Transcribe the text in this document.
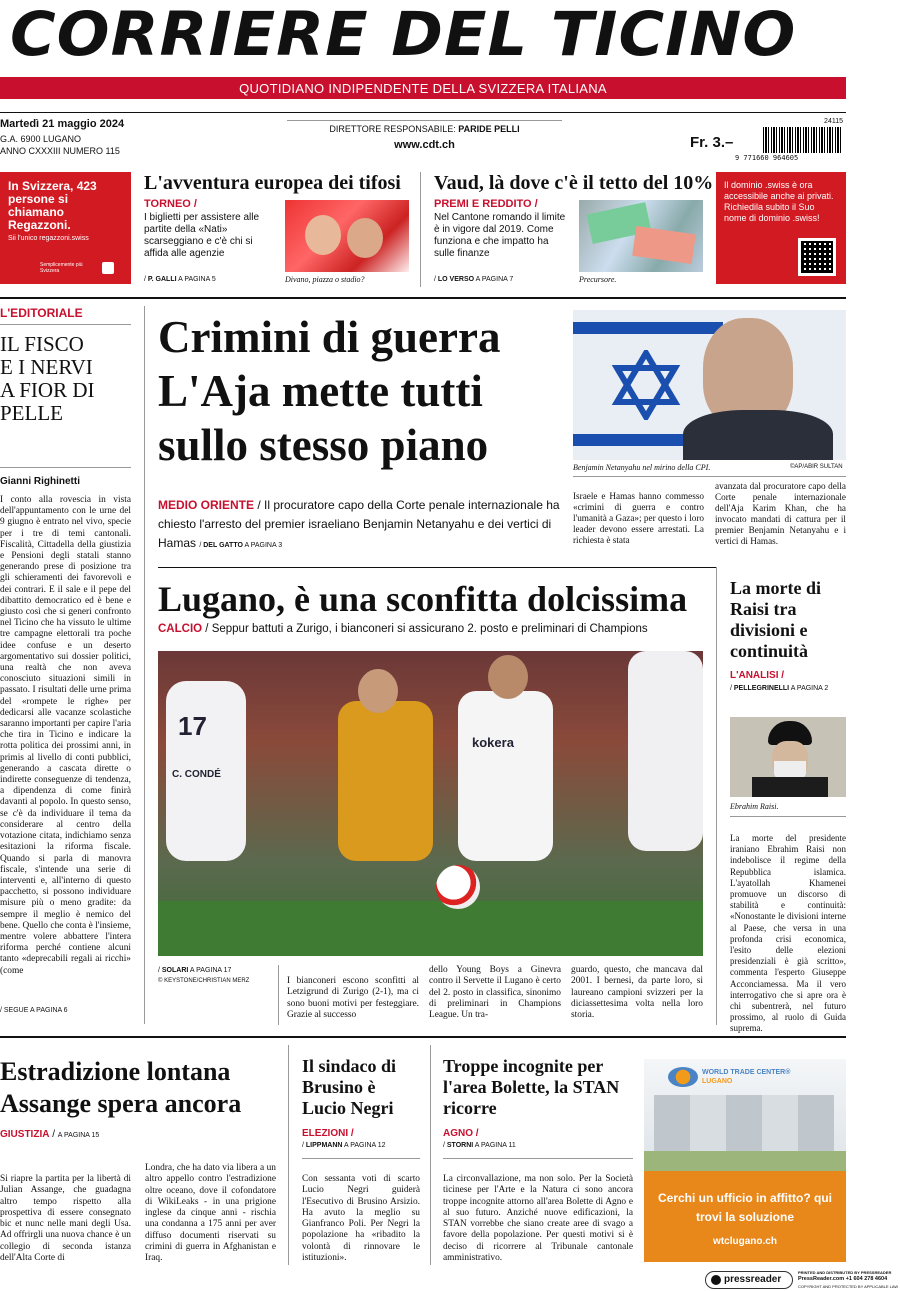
CORRIERE DEL TICINO
QUOTIDIANO INDIPENDENTE DELLA SVIZZERA ITALIANA
Martedì 21 maggio 2024
G.A. 6900 LUGANO
ANNO CXXXIII NUMERO 115
DIRETTORE RESPONSABILE: PARIDE PELLI
www.cdt.ch	Fr. 3.–
24115
9 771660 964605
In Svizzera, 423 persone si chiamano Regazzoni.
Sii l'unico regazzoni.swiss
Semplicemente più Svizzera
L'avventura europea dei tifosi
TORNEO /
I biglietti per assistere alle partite della «Nati» scarseggiano e c'è chi si affida alle agenzie
/ P. GALLI A PAGINA 5	Divano, piazza o stadio?
Vaud, là dove c'è il tetto del 10%
PREMI E REDDITO /
Nel Cantone romando il limite è in vigore dal 2019. Come funziona e che impatto ha sulle finanze
/ LO VERSO A PAGINA 7	Precursore.
Il dominio .swiss è ora accessibile anche ai privati. Richiedila subito il Suo nome di dominio .swiss!
L'EDITORIALE
IL FISCO E I NERVI A FIOR DI PELLE
Gianni Righinetti
I conto alla rovescia in vista dell'appuntamento con le urne del 9 giugno è entrato nel vivo, specie per i tre di temi cantonali. Fiscalità, Cittadella della giustizia e Pensioni degli statali stanno generando prese di posizione tra gli schieramenti dei favorevoli e dei contrari. E il sale e il pepe del dibattito democratico ed è bene e giusto così che si generi confronto nel Ticino che ha vissuto le ultime tre campagne elettorali tra poche idee confuse e un deserto argomentativo sui dossier politici, una realtà che non aveva conosciuto situazioni simili in passato. I risultati delle urne prima del «rompete le righe» per dedicarsi alle vacanze scolastiche saranno importanti per capire l'aria che tira in Ticino e indicare la rotta politica dei prossimi anni, in primis al livello di conti pubblici, generando a cascata dirette o indirette conseguenze di tendenza, a dipendenza di come finirà davanti al popolo. In questo senso, se c'è da individuare il tema da considerare al centro della votazione citata, indichiamo senza esitazioni la riforma fiscale. Quando si parla di manovra fiscale, s'intende una serie di interventi e, all'interno di questo pacchetto, si possono individuare misure più o meno gradite: da sempre il meglio è nemico del bene. Quello che conta è l'insieme, mentre volere abbattere l'intera riforma perché contiene alcuni tanto «deprecabili regali ai ricchi» (come
/ SEGUE A PAGINA 6
Crimini di guerra L'Aja mette tutti sullo stesso piano
MEDIO ORIENTE / Il procuratore capo della Corte penale internazionale ha chiesto l'arresto del premier israeliano Benjamin Netanyahu e dei vertici di Hamas / DEL GATTO A PAGINA 3
Benjamin Netanyahu nel mirino della CPI.	©AP/ABIR SULTAN
Israele e Hamas hanno commesso «crimini di guerra e contro l'umanità a Gaza»; per questo i loro leader devono essere arrestati. La richiesta è stata
avanzata dal procuratore capo della Corte penale internazionale dell'Aja Karim Khan, che ha invocato mandati di cattura per il premier Benjamin Netanyahu e i vertici di Hamas.
Lugano, è una sconfitta dolcissima
CALCIO / Seppur battuti a Zurigo, i bianconeri si assicurano 2. posto e preliminari di Champions
17
C. CONDÉ
kokera
/ SOLARI A PAGINA 17
© KEYSTONE/CHRISTIAN MERZ	I bianconeri escono sconfitti al Letzigrund di Zurigo (2-1), ma ci sono buoni motivi per festeggiare. Grazie al successo
dello Young Boys a Ginevra contro il Servette il Lugano è certo del 2. posto in classifica, sinonimo di preliminari in Champions League. Un tra-
guardo, questo, che mancava dal 2001. I bernesi, da parte loro, si laureano campioni svizzeri per la diciassettesima volta nella loro storia.
La morte di Raisi tra divisioni e continuità
L'ANALISI /
/ PELLEGRINELLI A PAGINA 2
Ebrahim Raisi.
La morte del presidente iraniano Ebrahim Raisi non indebolisce il regime della Repubblica islamica. L'ayatollah Khamenei promuove un discorso di stabilità e continuità: «Nonostante le divisioni interne al Paese, che versa in una profonda crisi economica, l'esito delle elezioni presidenziali è già scritto», commenta l'esperto Giuseppe Acconciamessa. Ma il vero interrogativo che si apre ora è chi subentrerà, nel futuro prossimo, al ruolo di Guida suprema.
Estradizione lontana Assange spera ancora
GIUSTIZIA / A PAGINA 15
Si riapre la partita per la libertà di Julian Assange, che guadagna altro tempo rispetto alla prospettiva di essere consegnato bic et nunc nelle mani degli Usa. Ad offrirgli una nuova chance è un collegio di seconda istanza dell'Alta Corte di
Londra, che ha dato via libera a un altro appello contro l'estradizione oltre oceano, dove il cofondatore di WikiLeaks - in una prigione inglese da cinque anni - rischia una condanna a 175 anni per aver diffuso documenti riservati su crimini di guerra in Afghanistan e Iraq.
Il sindaco di Brusino è Lucio Negri
ELEZIONI /
/ LIPPMANN A PAGINA 12
Con sessanta voti di scarto Lucio Negri guiderà l'Esecutivo di Brusino Arsizio. Ha avuto la meglio su Gianfranco Poli. Per Negri la popolazione ha «ribadito la volontà di rinnovare le istituzioni».
Troppe incognite per l'area Bolette, la STAN ricorre
AGNO /
/ STORNI A PAGINA 11
La circonvallazione, ma non solo. Per la Società ticinese per l'Arte e la Natura ci sono ancora troppe incognite attorno all'area Bolette di Agno e al suo futuro. Anziché nuove edificazioni, la STAN vorrebbe che siano create aree di svago a favore della popolazione. Per questi motivi si è deciso di ricorrere al Tribunale cantonale amministrativo.
WORLD TRADE CENTER®
LUGANO
Cerchi un ufficio in affitto? qui trovi la soluzione
wtclugano.ch
pressreader
PRINTED AND DISTRIBUTED BY PRESSREADER
PressReader.com +1 604 278 4604
COPYRIGHT AND PROTECTED BY APPLICABLE LAW
